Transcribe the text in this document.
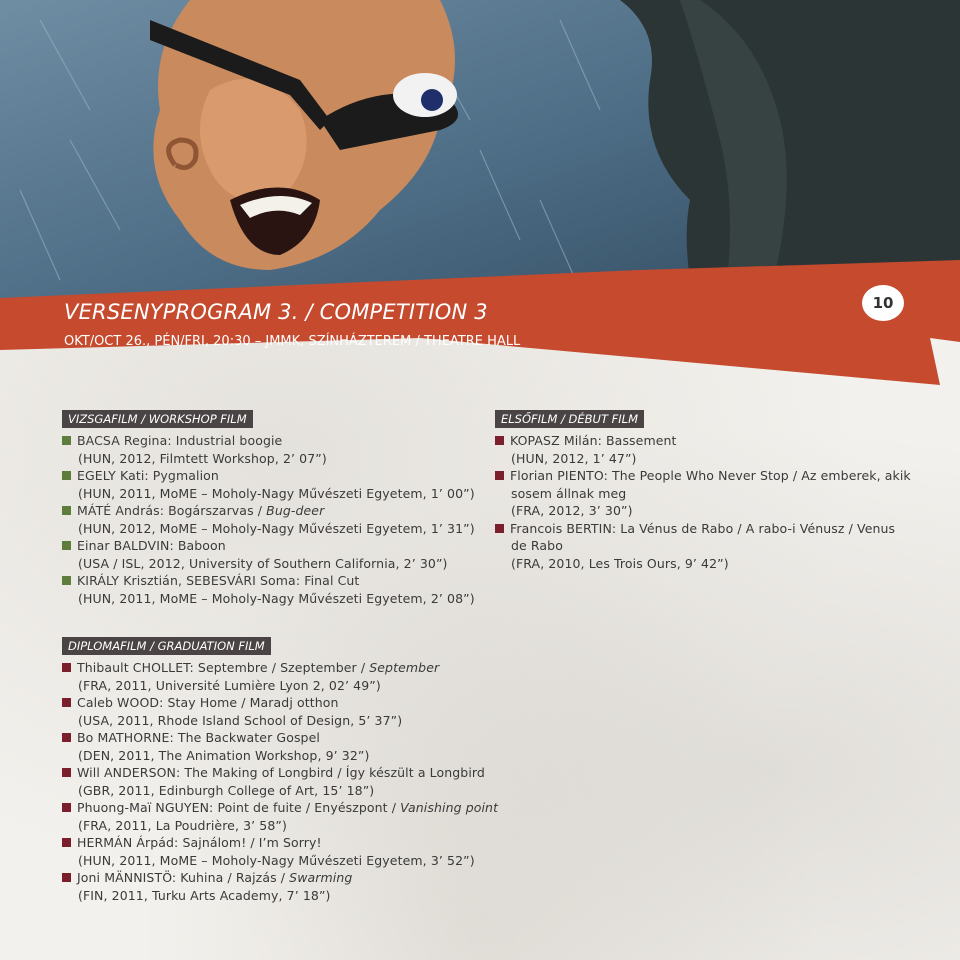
VERSENYPROGRAM 3. / COMPETITION 3
OKT/OCT 26., PÉN/FRI, 20:30 – JMMK, SZÍNHÁZTEREM / THEATRE HALL
10
VIZSGAFILM / WORKSHOP FILM
BACSA Regina: Industrial boogie
(HUN, 2012, Filmtett Workshop, 2’ 07”)
EGELY Kati: Pygmalion
(HUN, 2011, MoME – Moholy-Nagy Művészeti Egyetem, 1’ 00”)
MÁTÉ András: Bogárszarvas / Bug-deer
(HUN, 2012, MoME – Moholy-Nagy Művészeti Egyetem, 1’ 31”)
Einar BALDVIN: Baboon
(USA / ISL, 2012, University of Southern California, 2’ 30”)
KIRÁLY Krisztián, SEBESVÁRI Soma: Final Cut
(HUN, 2011, MoME – Moholy-Nagy Művészeti Egyetem, 2’ 08”)
ELSŐFILM / DÉBUT FILM
KOPASZ Milán: Bassement
(HUN, 2012, 1’ 47”)
Florian PIENTO: The People Who Never Stop / Az emberek, akik
sosem állnak meg
(FRA, 2012, 3’ 30”)
Francois BERTIN: La Vénus de Rabo / A rabo-i Vénusz / Venus
de Rabo
(FRA, 2010, Les Trois Ours, 9’ 42”)
DIPLOMAFILM / GRADUATION FILM
Thibault CHOLLET: Septembre / Szeptember / September
(FRA, 2011, Université Lumière Lyon 2, 02’ 49”)
Caleb WOOD: Stay Home / Maradj otthon
(USA, 2011, Rhode Island School of Design, 5’ 37”)
Bo MATHORNE: The Backwater Gospel
(DEN, 2011, The Animation Workshop, 9’ 32”)
Will ANDERSON: The Making of Longbird / Így készült a Longbird
(GBR, 2011, Edinburgh College of Art, 15’ 18”)
Phuong-Maï NGUYEN: Point de fuite / Enyészpont / Vanishing point
(FRA, 2011, La Poudrière, 3’ 58”)
HERMÁN Árpád: Sajnálom! / I’m Sorry!
(HUN, 2011, MoME – Moholy-Nagy Művészeti Egyetem, 3’ 52”)
Joni MÄNNISTÖ: Kuhina / Rajzás / Swarming
(FIN, 2011, Turku Arts Academy, 7’ 18”)
